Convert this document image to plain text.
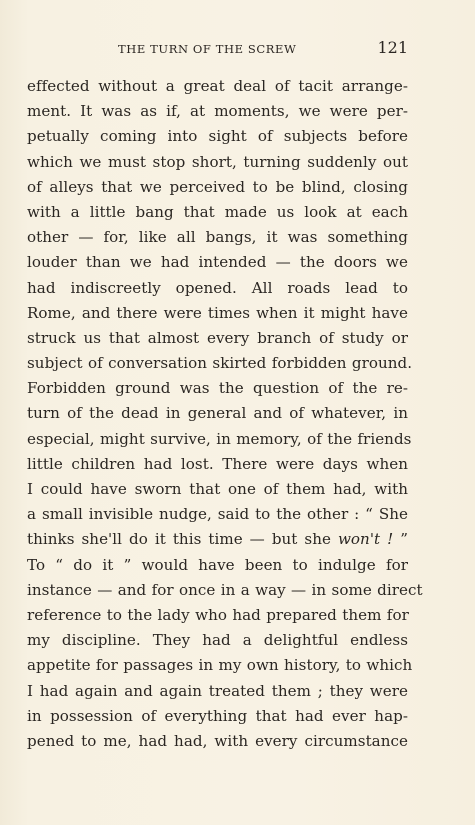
THE TURN OF THE SCREW	121
effected without a great deal of tacit arrange-
ment. It was as if, at moments, we were per-
petually coming into sight of subjects before
which we must stop short, turning suddenly out
of alleys that we perceived to be blind, closing
with a little bang that made us look at each
other — for, like all bangs, it was something
louder than we had intended — the doors we
had indiscreetly opened. All roads lead to
Rome, and there were times when it might have
struck us that almost every branch of study or
subject of conversation skirted forbidden ground.
Forbidden ground was the question of the re-
turn of the dead in general and of whatever, in
especial, might survive, in memory, of the friends
little children had lost. There were days when
I could have sworn that one of them had, with
a small invisible nudge, said to the other : “ She
thinks she'll do it this time — but she won't ! ”
To “ do it ” would have been to indulge for
instance — and for once in a way — in some direct
reference to the lady who had prepared them for
my discipline. They had a delightful endless
appetite for passages in my own history, to which
I had again and again treated them ; they were
in possession of everything that had ever hap-
pened to me, had had, with every circumstance
